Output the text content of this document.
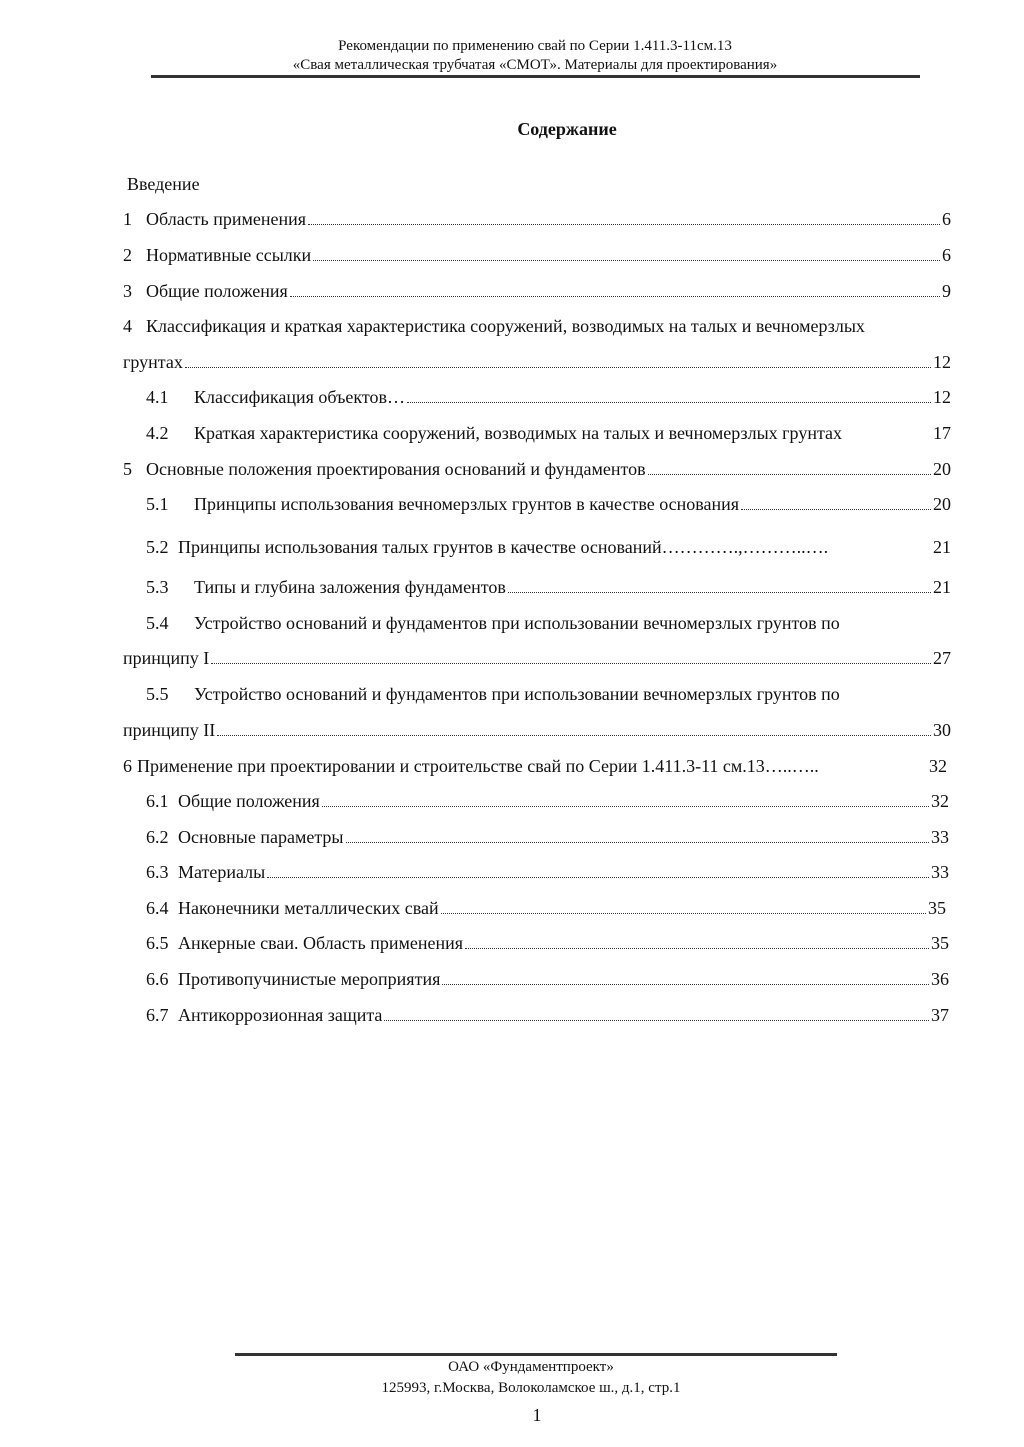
Рекомендации по применению свай по Серии 1.411.3-11см.13
«Свая металлическая трубчатая «СМОТ». Материалы для проектирования»
Содержание
Введение
1 Область применения	6
2 Нормативные ссылки	6
3 Общие положения	9
4 Классификация и краткая характеристика сооружений, возводимых на талых и вечномерзлых
грунтах	12
4.1	Классификация объектов…	12
4.2	Краткая характеристика сооружений, возводимых на талых и вечномерзлых грунтах	17
5 Основные положения проектирования оснований и фундаментов	20
5.1	Принципы использования вечномерзлых грунтов в качестве основания	20
5.2 Принципы использования талых грунтов в качестве оснований………….,………..….	21
5.3	Типы и глубина заложения фундаментов	21
5.4	Устройство оснований и фундаментов при использовании вечномерзлых грунтов по
принципу I	27
5.5	Устройство оснований и фундаментов при использовании вечномерзлых грунтов по
принципу II	30
6 Применение при проектировании и строительстве свай по Серии 1.411.3-11 см.13…..…..	32
6.1 Общие положения	32
6.2 Основные параметры	33
6.3 Материалы	33
6.4 Наконечники металлических свай	35
6.5 Анкерные сваи. Область применения	35
6.6 Противопучинистые мероприятия	36
6.7 Антикоррозионная защита	37
ОАО «Фундаментпроект»
125993, г.Москва, Волоколамское ш., д.1, стр.1
1
